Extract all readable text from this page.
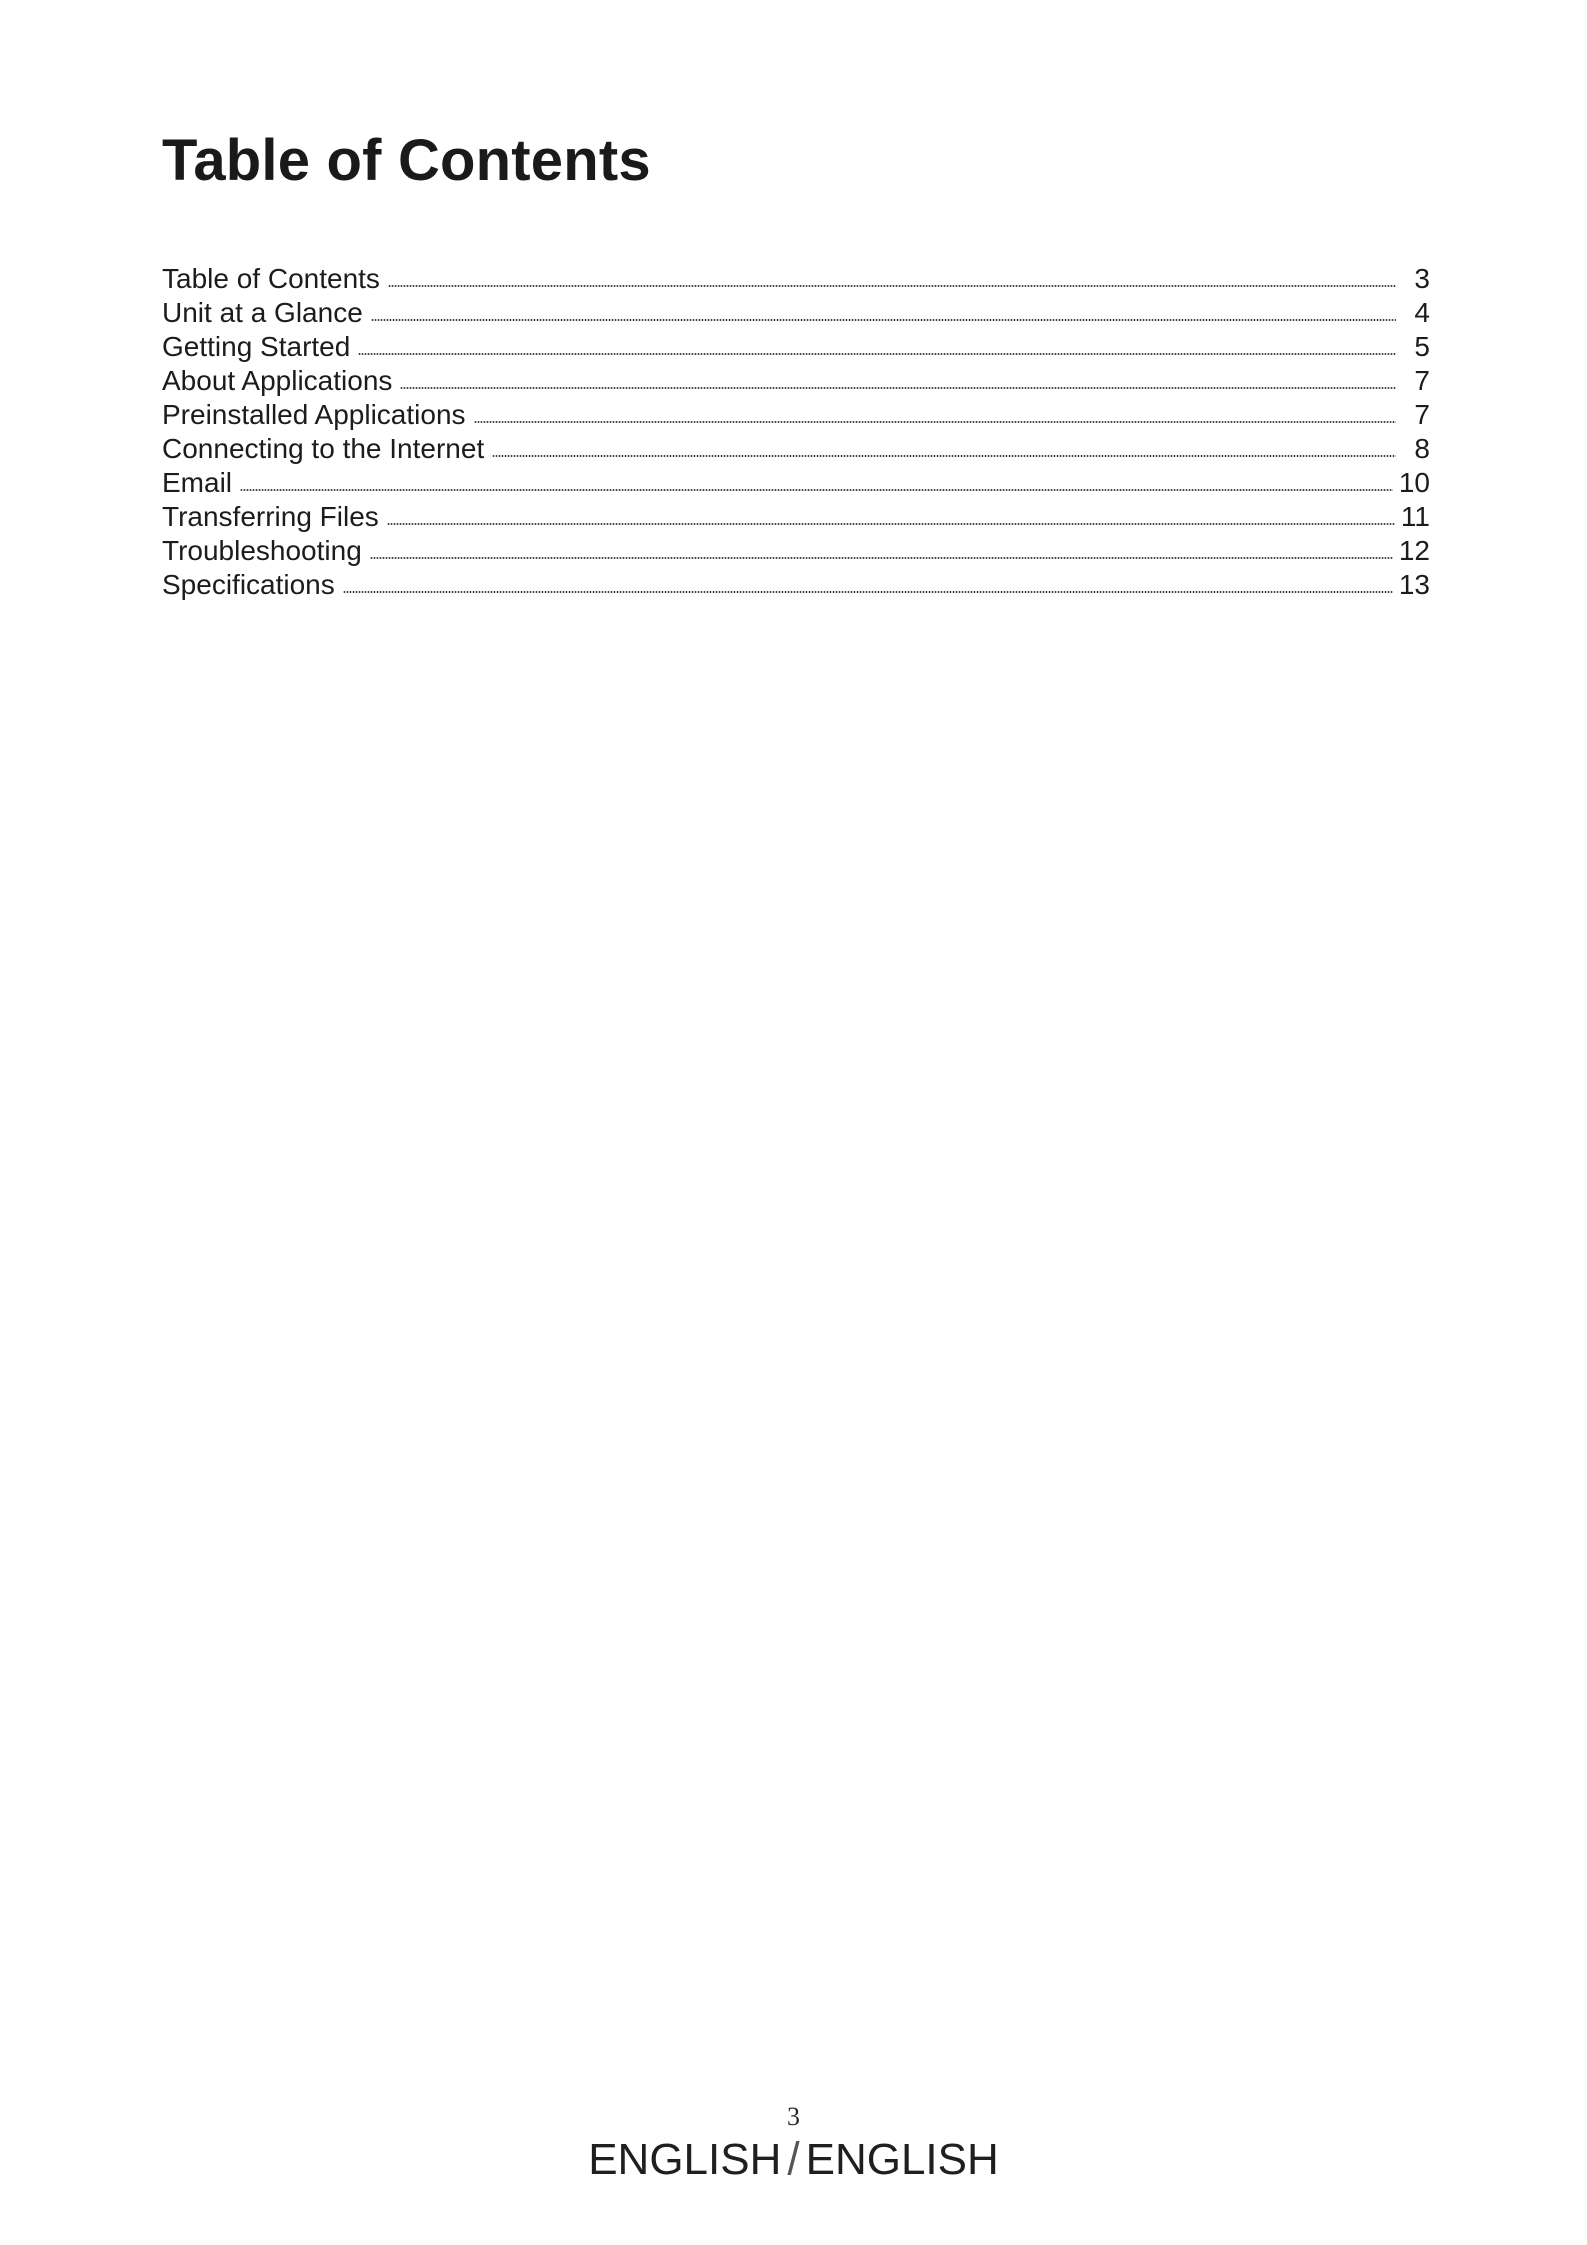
Table of Contents
Table of Contents	3
Unit at a Glance	4
Getting Started	5
About Applications	7
Preinstalled Applications	7
Connecting to the Internet	8
Email	10
Transferring Files	11
Troubleshooting	12
Specifications	13
3
ENGLISH / ENGLISH
